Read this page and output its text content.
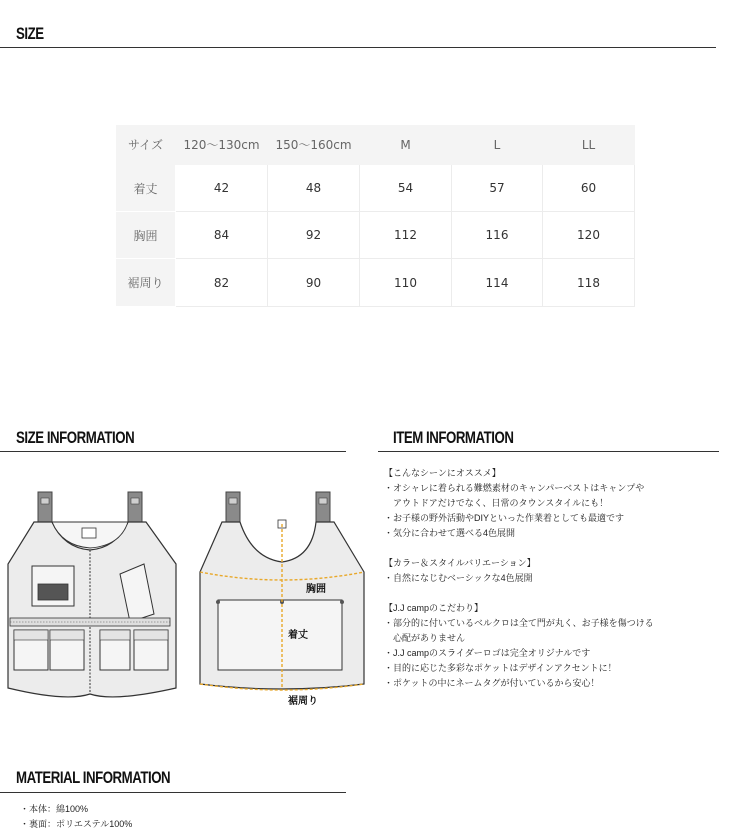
SIZE
サイズ	120〜130cm	150〜160cm	M	L	LL
着丈	42	48	54	57	60
胸囲	84	92	112	116	120
裾周り	82	90	110	114	118
SIZE INFORMATION	ITEM INFORMATION
胸囲
着丈
裾周り
【こんなシーンにオススメ】
・オシャレに着られる難燃素材のキャンパーベストはキャンプや
　アウトドアだけでなく、日常のタウンスタイルにも！
・お子様の野外活動やDIYといった作業着としても最適です
・気分に合わせて選べる4色展開
【カラー＆スタイルバリエーション】
・自然になじむベーシックな4色展開
【J.J campのこだわり】
・部分的に付いているベルクロは全て門が丸く、お子様を傷つける
　心配がありません
・J.J campのスライダーロゴは完全オリジナルです
・目的に応じた多彩なポケットはデザインアクセントに！
・ポケットの中にネームタグが付いているから安心！
MATERIAL INFORMATION
・本体：綿100%
・裏面：ポリエステル100%
